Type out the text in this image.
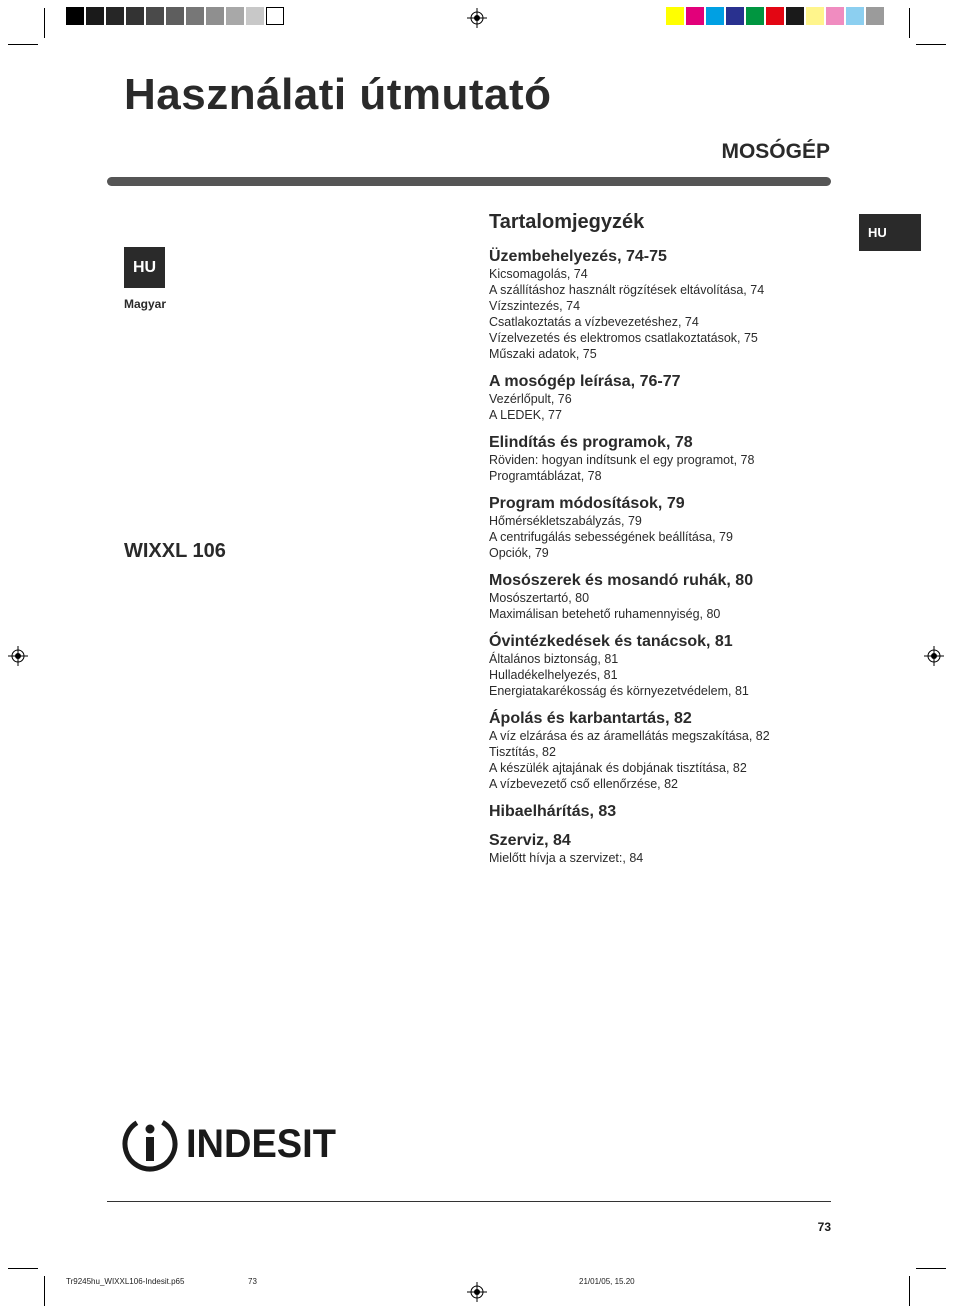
Használati útmutató
MOSÓGÉP
HU
HU
Magyar
WIXXL 106
Tartalomjegyzék
Üzembehelyezés, 74-75
Kicsomagolás, 74
A szállításhoz használt rögzítések eltávolítása, 74
Vízszintezés, 74
Csatlakoztatás a vízbevezetéshez, 74
Vízelvezetés és elektromos csatlakoztatások, 75
Műszaki adatok, 75
A mosógép leírása, 76-77
Vezérlőpult, 76
A LEDEK, 77
Elindítás és programok, 78
Röviden: hogyan indítsunk el egy programot, 78
Programtáblázat, 78
Program módosítások, 79
Hőmérsékletszabályzás, 79
A centrifugálás sebességének beállítása, 79
Opciók, 79
Mosószerek és mosandó ruhák, 80
Mosószertartó, 80
Maximálisan betehető ruhamennyiség, 80
Óvintézkedések és tanácsok, 81
Általános biztonság, 81
Hulladékelhelyezés, 81
Energiatakarékosság és környezetvédelem, 81
Ápolás és karbantartás, 82
A víz elzárása és az áramellátás megszakítása, 82
Tisztítás, 82
A készülék ajtajának és dobjának tisztítása, 82
A vízbevezető cső ellenőrzése, 82
Hibaelhárítás, 83
Szerviz, 84
Mielőtt hívja a szervizet:, 84
INDESIT
73
Tr9245hu_WIXXL106-Indesit.p65	73	21/01/05, 15.20
